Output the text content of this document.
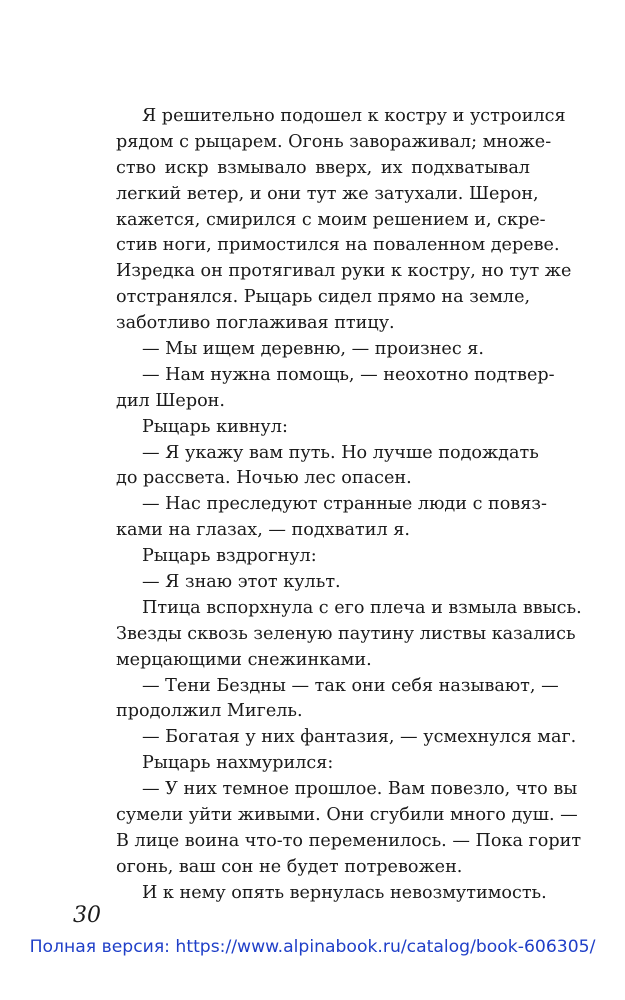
Я решительно подошел к костру и устроился
рядом с рыцарем. Огонь завораживал; множе-
ство искр взмывало вверх, их подхватывал
легкий ветер, и они тут же затухали. Шерон,
кажется, смирился с моим решением и, скре-
стив ноги, примостился на поваленном дереве.
Изредка он протягивал руки к костру, но тут же
отстранялся. Рыцарь сидел прямо на земле,
заботливо поглаживая птицу.
— Мы ищем деревню, — произнес я.
— Нам нужна помощь, — неохотно подтвер-
дил Шерон.
Рыцарь кивнул:
— Я укажу вам путь. Но лучше подождать
до рассвета. Ночью лес опасен.
— Нас преследуют странные люди с повяз-
ками на глазах, — подхватил я.
Рыцарь вздрогнул:
— Я знаю этот культ.
Птица вспорхнула с его плеча и взмыла ввысь.
Звезды сквозь зеленую паутину листвы казались
мерцающими снежинками.
— Тени Бездны — так они себя называют, —
продолжил Мигель.
— Богатая у них фантазия, — усмехнулся маг.
Рыцарь нахмурился:
— У них темное прошлое. Вам повезло, что вы
сумели уйти живыми. Они сгубили много душ. —
В лице воина что-то переменилось. — Пока горит
огонь, ваш сон не будет потревожен.
И к нему опять вернулась невозмутимость.
30
Полная версия: https://www.alpinabook.ru/catalog/book-606305/
